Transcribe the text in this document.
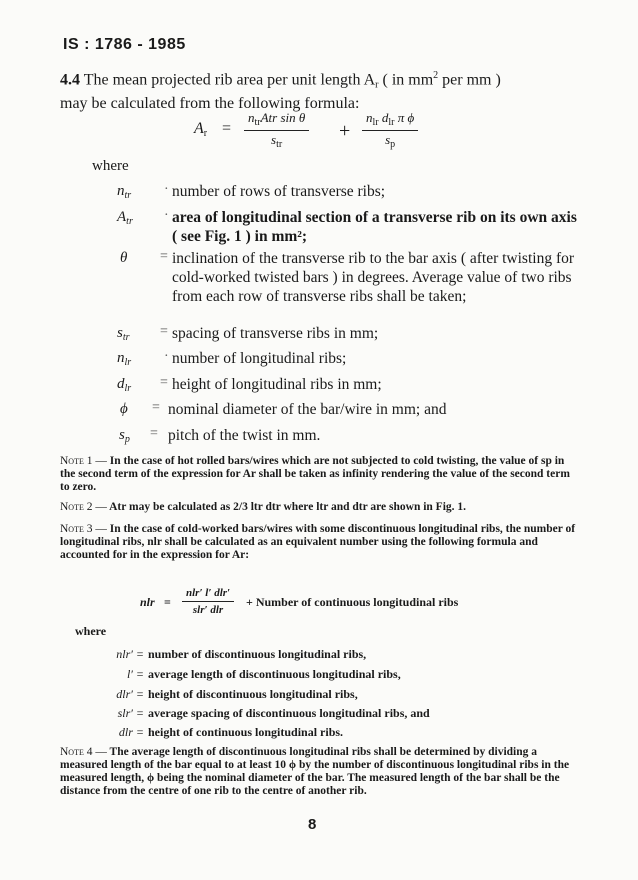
IS : 1786 - 1985
4.4 The mean projected rib area per unit length $A_r$ ( in $mm^2$ per mm )
may be calculated from the following formula:
$A_r$ =
$n_{tr}Atr$ sin θ
$s_{tr}$
+
$n_{lr}$ $d_{lr}$ π ϕ
$s_p$
where
$n_{tr}$	· number of rows of transverse ribs;
$A_{tr}$	· area of longitudinal section of a transverse rib on its own axis ( see Fig. 1 ) in mm²;
θ	= inclination of the transverse rib to the bar axis ( after twisting for cold-worked twisted bars ) in degrees. Average value of two ribs from each row of transverse ribs shall be taken;
$s_{tr}$	= spacing of transverse ribs in mm;
$n_{lr}$	· number of longitudinal ribs;
$d_{lr}$	= height of longitudinal ribs in mm;
ϕ	= nominal diameter of the bar/wire in mm; and
$s_p$	= pitch of the twist in mm.
Note 1 — In the case of hot rolled bars/wires which are not subjected to cold twisting, the value of sp in the second term of the expression for Ar shall be taken as infinity rendering the value of the second term to zero.
Note 2 — Atr may be calculated as 2/3 ltr dtr where ltr and dtr are shown in Fig. 1.
Note 3 — In the case of cold-worked bars/wires with some discontinuous longitudinal ribs, the number of longitudinal ribs, nlr shall be calculated as an equivalent number using the following formula and accounted for in the expression for Ar:
nlr =
nlr′ l′ dlr′
slr′ dlr
+ Number of continuous longitudinal ribs
where
nlr′ = number of discontinuous longitudinal ribs,
l′ = average length of discontinuous longitudinal ribs,
dlr′ = height of discontinuous longitudinal ribs,
slr′ = average spacing of discontinuous longitudinal ribs, and
dlr = height of continuous longitudinal ribs.
Note 4 — The average length of discontinuous longitudinal ribs shall be determined by dividing a measured length of the bar equal to at least 10 ϕ by the number of discontinuous longitudinal ribs in the measured length, ϕ being the nominal diameter of the bar. The measured length of the bar shall be the distance from the centre of one rib to the centre of another rib.
8
